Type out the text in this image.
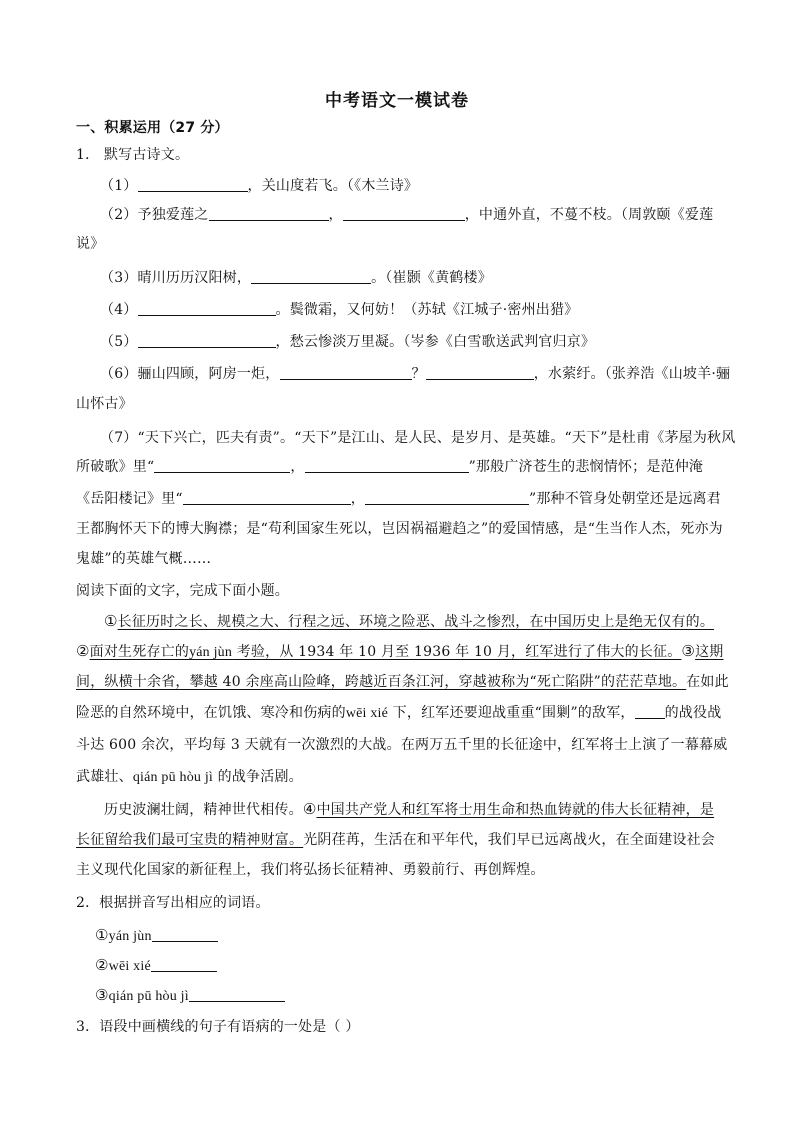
中考语文一模试卷
一、积累运用（27 分）
1． 默写古诗文。
（1）	，关山度若飞。（《木兰诗》
（2）予独爱莲之	，	，中通外直，不蔓不枝。（周敦颐《爱莲
说》
（3）晴川历历汉阳树，	。（崔颢《黄鹤楼》
（4）	。鬓微霜，又何妨！（苏轼《江城子·密州出猎》
（5）	，愁云惨淡万里凝。（岑参《白雪歌送武判官归京》
（6）骊山四顾，阿房一炬，	？	，水萦纡。（张养浩《山坡羊·骊
山怀古》
（7）“天下兴亡，匹夫有责”。“天下”是江山、是人民、是岁月、是英雄。“天下”是杜甫《茅屋为秋风
所破歌》里“	，	”那般广济苍生的悲悯情怀；是范仲淹
《岳阳楼记》里“	，	”那种不管身处朝堂还是远离君
王都胸怀天下的博大胸襟；是“苟利国家生死以，岂因祸福避趋之”的爱国情感，是“生当作人杰，死亦为
鬼雄”的英雄气概……
阅读下面的文字，完成下面小题。
①长征历时之长、规模之大、行程之远、环境之险恶、战斗之惨烈，在中国历史上是绝无仅有的。
②面对生死存亡的yán jùn 考验，从 1934 年 10 月至 1936 年 10 月，红军进行了伟大的长征。③这期
间，纵横十余省，攀越 40 余座高山险峰，跨越近百条江河，穿越被称为“死亡陷阱”的茫茫草地。在如此
险恶的自然环境中，在饥饿、寒冷和伤病的wēi xié 下，红军还要迎战重重“围剿”的敌军， 的战役战
斗达 600 余次，平均每 3 天就有一次激烈的大战。在两万五千里的长征途中，红军将士上演了一幕幕威
武雄壮、qián pū hòu jì 的战争活剧。
历史波澜壮阔，精神世代相传。④中国共产党人和红军将士用生命和热血铸就的伟大长征精神，是
长征留给我们最可宝贵的精神财富。光阴荏苒，生活在和平年代，我们早已远离战火，在全面建设社会
主义现代化国家的新征程上，我们将弘扬长征精神、勇毅前行、再创辉煌。
2．根据拼音写出相应的词语。
①yán jùn
②wēi xié
③qián pū hòu jì
3．语段中画横线的句子有语病的一处是（ ）
